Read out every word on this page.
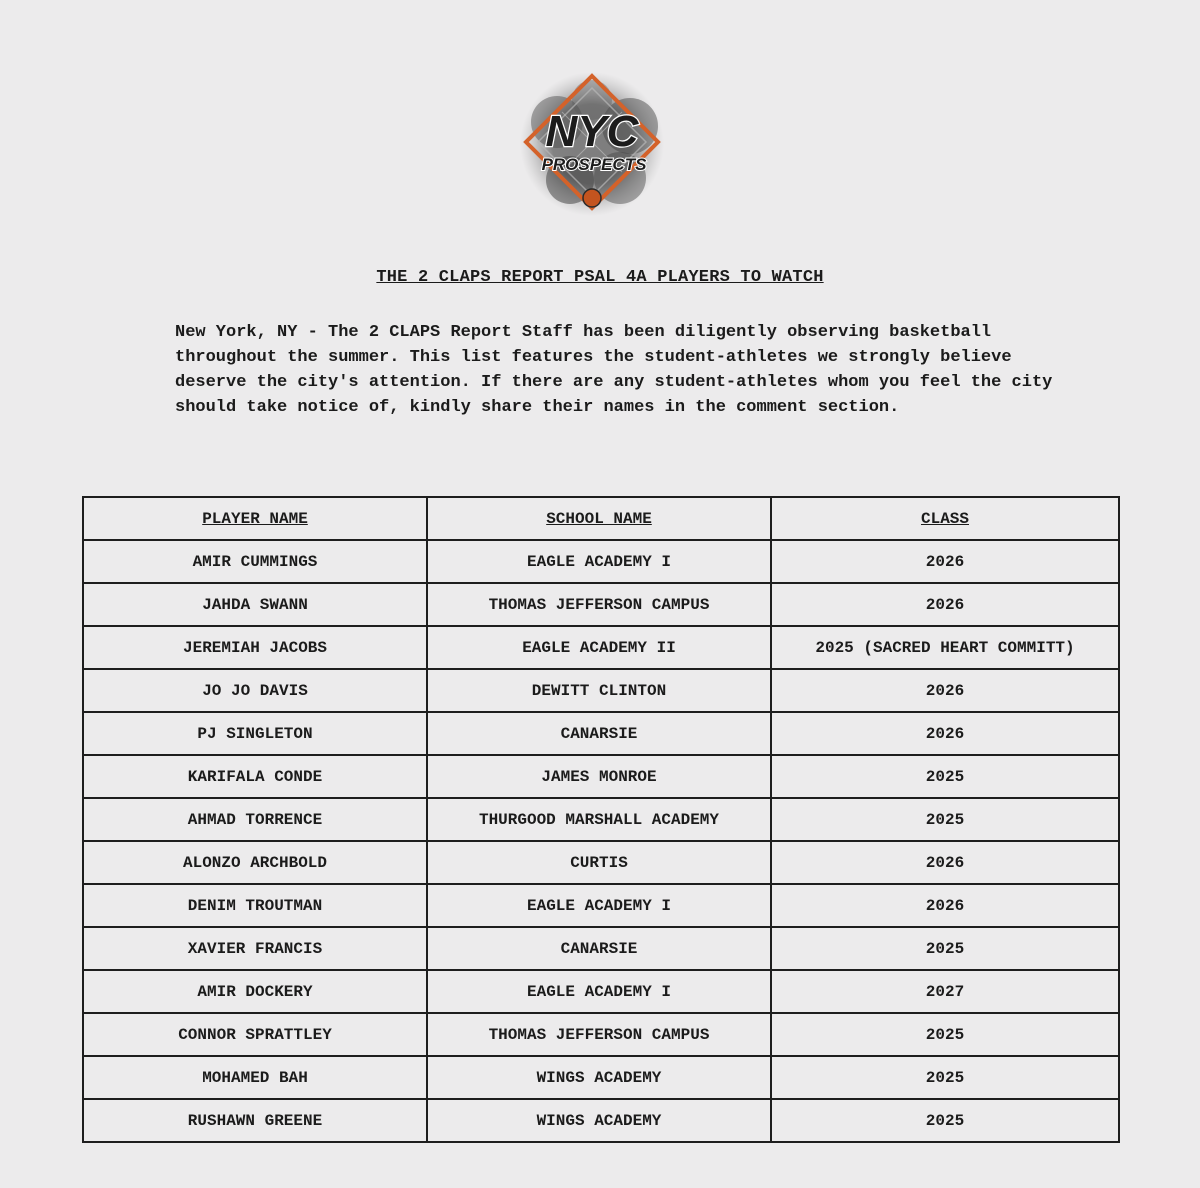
NYC
PROSPECTS
THE 2 CLAPS REPORT PSAL 4A PLAYERS TO WATCH

New York, NY - The 2 CLAPS Report Staff has been diligently observing basketball throughout the summer. This list features the student-athletes we strongly believe deserve the city's attention. If there are any student-athletes whom you feel the city should take notice of, kindly share their names in the comment section.

PLAYER NAME	SCHOOL NAME	CLASS
AMIR CUMMINGS	EAGLE ACADEMY I	2026
JAHDA SWANN	THOMAS JEFFERSON CAMPUS	2026
JEREMIAH JACOBS	EAGLE ACADEMY II	2025 (SACRED HEART COMMITT)
JO JO DAVIS	DEWITT CLINTON	2026
PJ SINGLETON	CANARSIE	2026
KARIFALA CONDE	JAMES MONROE	2025
AHMAD TORRENCE	THURGOOD MARSHALL ACADEMY	2025
ALONZO ARCHBOLD	CURTIS	2026
DENIM TROUTMAN	EAGLE ACADEMY I	2026
XAVIER FRANCIS	CANARSIE	2025
AMIR DOCKERY	EAGLE ACADEMY I	2027
CONNOR SPRATTLEY	THOMAS JEFFERSON CAMPUS	2025
MOHAMED BAH	WINGS ACADEMY	2025
RUSHAWN GREENE	WINGS ACADEMY	2025
